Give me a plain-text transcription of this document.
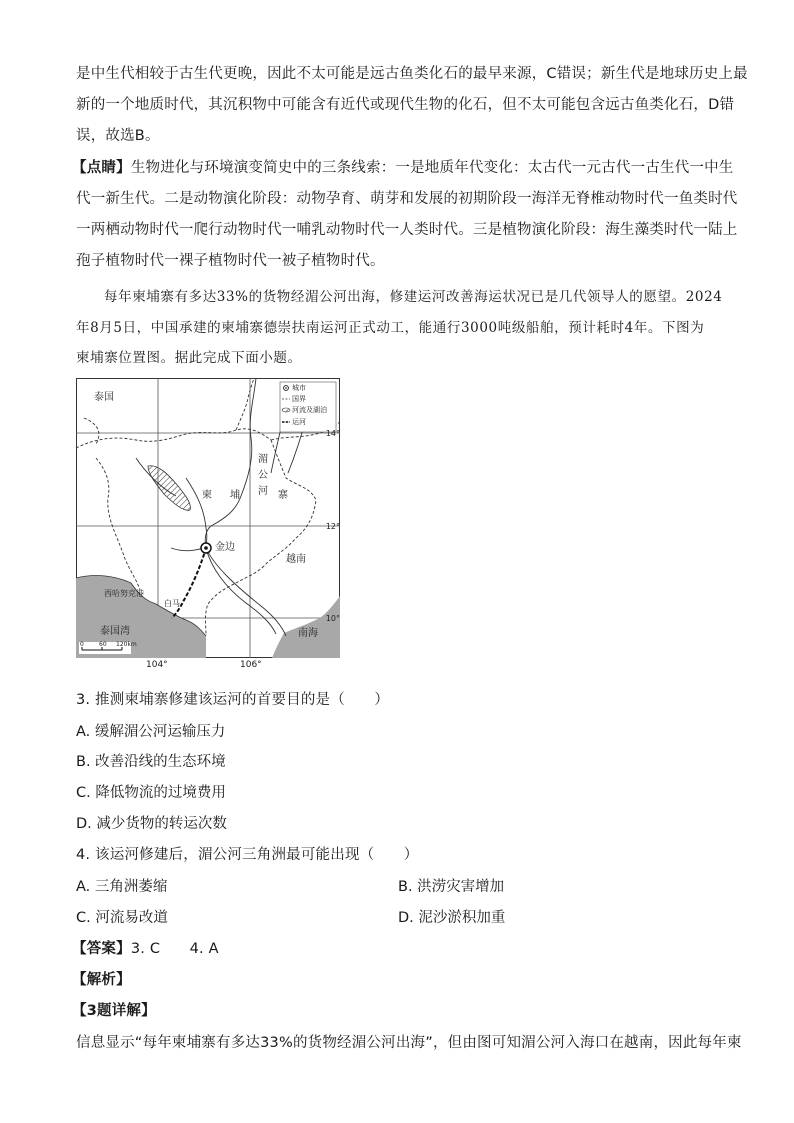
是中生代相较于古生代更晚，因此不太可能是远古鱼类化石的最早来源，C错误；新生代是地球历史上最
新的一个地质时代，其沉积物中可能含有近代或现代生物的化石，但不太可能包含远古鱼类化石，D错
误，故选B。
【点睛】生物进化与环境演变简史中的三条线索：一是地质年代变化：太古代一元古代一古生代一中生
代一新生代。二是动物演化阶段：动物孕育、萌芽和发展的初期阶段一海洋无脊椎动物时代一鱼类时代
一两栖动物时代一爬行动物时代一哺乳动物时代一人类时代。三是植物演化阶段：海生藻类时代一陆上
孢子植物时代一裸子植物时代一被子植物时代。
每年柬埔寨有多达33%的货物经湄公河出海，修建运河改善海运状况已是几代领导人的愿望。2024
年8月5日，中国承建的柬埔寨德崇扶南运河正式动工，能通行3000吨级船舶，预计耗时4年。下图为
柬埔寨位置图。据此完成下面小题。
城市
国界
河流及湖泊
运河
泰国
湄
公
河
柬 埔	寨
金边
越南
西哈努克港
白马
泰国湾	南海
14°
12°
10°
0	60 120km
104°	106°
3. 推测柬埔寨修建该运河的首要目的是（　　）
A. 缓解湄公河运输压力
B. 改善沿线的生态环境
C. 降低物流的过境费用
D. 减少货物的转运次数
4. 该运河修建后，湄公河三角洲最可能出现（　　）
A. 三角洲萎缩	B. 洪涝灾害增加
C. 河流易改道	D. 泥沙淤积加重
【答案】3. C　　4. A
【解析】
【3题详解】
信息显示“每年柬埔寨有多达33%的货物经湄公河出海”，但由图可知湄公河入海口在越南，因此每年柬
